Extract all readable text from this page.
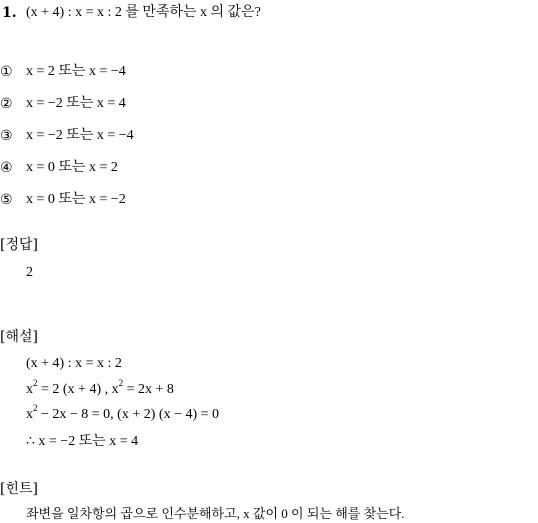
1. (x + 4) : x = x : 2 를 만족하는 x 의 값은?
① x = 2 또는 x = −4
② x = −2 또는 x = 4
③ x = −2 또는 x = −4
④ x = 0 또는 x = 2
⑤ x = 0 또는 x = −2
[정답]
2
[해설]
(x + 4) : x = x : 2
$x^2 = 2$ (x + 4) , $x^2 = 2x + 8$
$x^2 - 2x - 8 = 0$, (x + 2) (x − 4) = 0
∴ x = −2 또는 x = 4
[힌트]
좌변을 일차항의 곱으로 인수분해하고, x 값이 0 이 되는 해를 찾는다.
